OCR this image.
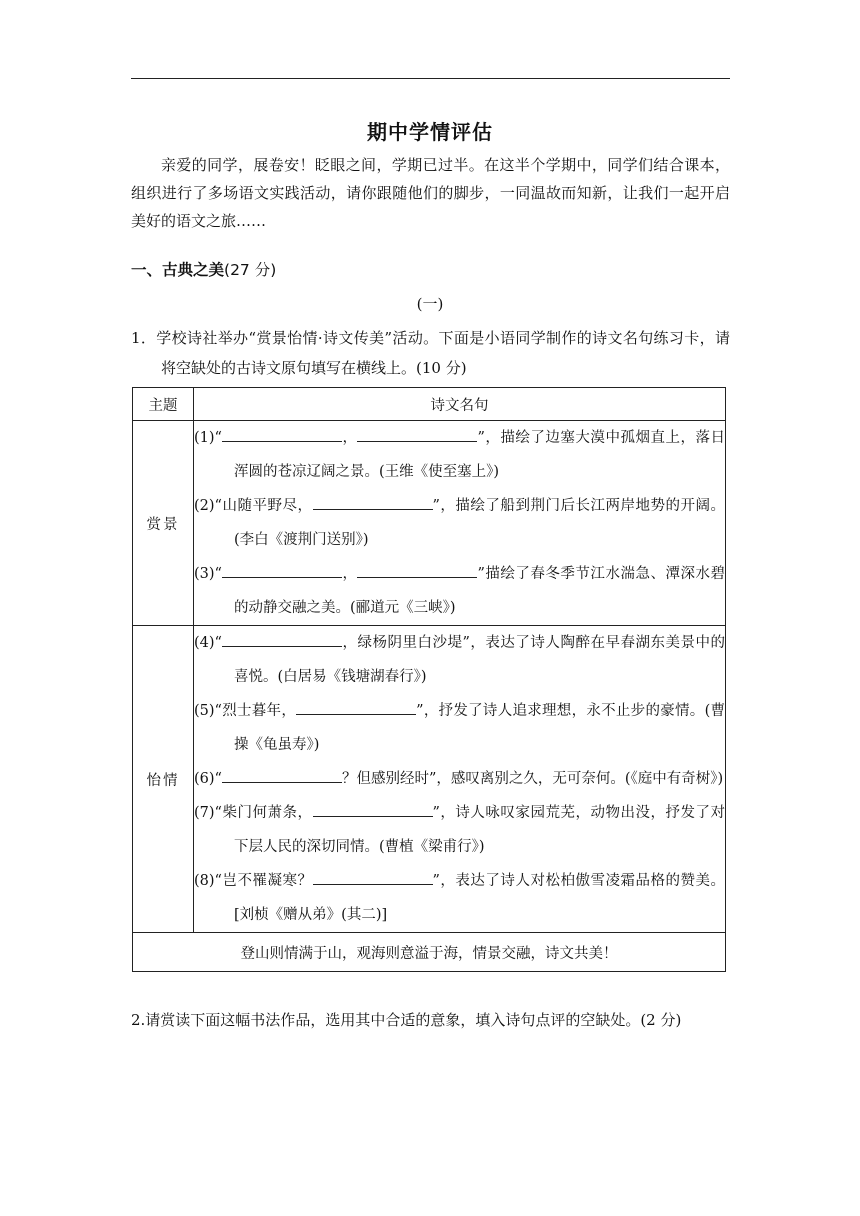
期中学情评估
亲爱的同学，展卷安！眨眼之间，学期已过半。在这半个学期中，同学们结合课本，组织进行了多场语文实践活动，请你跟随他们的脚步，一同温故而知新，让我们一起开启美好的语文之旅……
一、古典之美(27 分)
(一)
1．学校诗社举办“赏景怡情·诗文传美”活动。下面是小语同学制作的诗文名句练习卡，请将空缺处的古诗文原句填写在横线上。(10 分)
主题	诗文名句
赏景	(1)“ ， ”，描绘了边塞大漠中孤烟直上，落日浑圆的苍凉辽阔之景。(王维《使至塞上》)
(2)“山随平野尽， ”，描绘了船到荆门后长江两岸地势的开阔。(李白《渡荆门送别》)
(3)“ ， ”描绘了春冬季节江水湍急、潭深水碧的动静交融之美。(郦道元《三峡》)

怡情	(4)“ ，绿杨阴里白沙堤”，表达了诗人陶醉在早春湖东美景中的喜悦。(白居易《钱塘湖春行》)
(5)“烈士暮年， ”，抒发了诗人追求理想，永不止步的豪情。(曹操《龟虽寿》)
(6)“ ？但感别经时”，感叹离别之久，无可奈何。(《庭中有奇树》)
(7)“柴门何萧条， ”，诗人咏叹家园荒芜，动物出没，抒发了对下层人民的深切同情。(曹植《梁甫行》)
(8)“岂不罹凝寒？ ”，表达了诗人对松柏傲雪凌霜品格的赞美。[刘桢《赠从弟》(其二)]

登山则情满于山，观海则意溢于海，情景交融，诗文共美！	
2.请赏读下面这幅书法作品，选用其中合适的意象，填入诗句点评的空缺处。(2 分)
